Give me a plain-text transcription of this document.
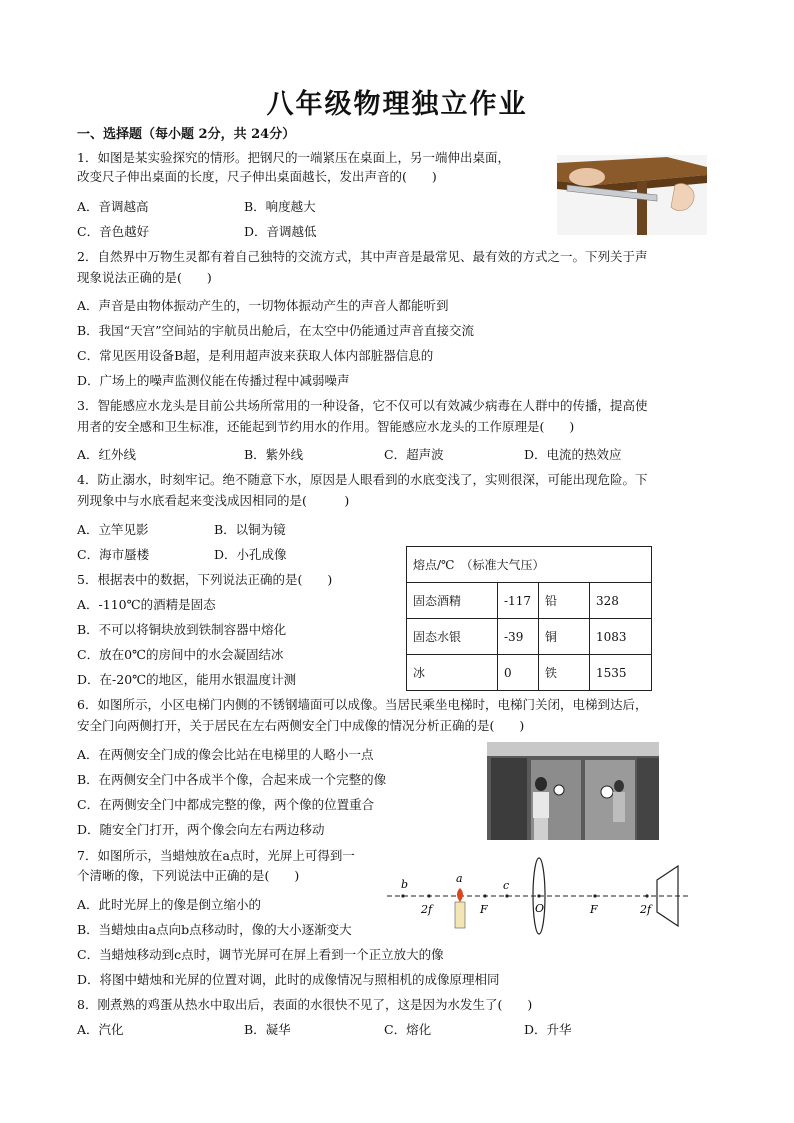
八年级物理独立作业
一、选择题（每小题 2分，共 24分）
1．如图是某实验探究的情形。把钢尺的一端紧压在桌面上，另一端伸出桌面，
改变尺子伸出桌面的长度，尺子伸出桌面越长，发出声音的(　　)
A．音调越高	B．响度越大
C．音色越好	D．音调越低
2．自然界中万物生灵都有着自己独特的交流方式，其中声音是最常见、最有效的方式之一。下列关于声
现象说法正确的是(　　)
A．声音是由物体振动产生的，一切物体振动产生的声音人都能听到
B．我国“天宫”空间站的宇航员出舱后，在太空中仍能通过声音直接交流
C．常见医用设备B超，是利用超声波来获取人体内部脏器信息的
D．广场上的噪声监测仪能在传播过程中减弱噪声
3．智能感应水龙头是目前公共场所常用的一种设备，它不仅可以有效减少病毒在人群中的传播，提高使
用者的安全感和卫生标准，还能起到节约用水的作用。智能感应水龙头的工作原理是(　　)
A．红外线	B．紫外线	C．超声波	D．电流的热效应
4．防止溺水，时刻牢记。绝不随意下水，原因是人眼看到的水底变浅了，实则很深，可能出现危险。下
列现象中与水底看起来变浅成因相同的是(　　　)
A．立竿见影	B．以铜为镜
C．海市蜃楼	D．小孔成像
5．根据表中的数据，下列说法正确的是(　　)
A．-110℃的酒精是固态
B．不可以将铜块放到铁制容器中熔化
C．放在0℃的房间中的水会凝固结冰
D．在-20℃的地区，能用水银温度计测
熔点/℃　（标准大气压）			
固态酒精	-117	铅	328
固态水银	-39	铜	1083
冰	0	铁	1535
6．如图所示，小区电梯门内侧的不锈钢墙面可以成像。当居民乘坐电梯时，电梯门关闭，电梯到达后，
安全门向两侧打开，关于居民在左右两侧安全门中成像的情况分析正确的是(　　)
A．在两侧安全门成的像会比站在电梯里的人略小一点
B．在两侧安全门中各成半个像，合起来成一个完整的像
C．在两侧安全门中都成完整的像，两个像的位置重合
D．随安全门打开，两个像会向左右两边移动
7．如图所示，当蜡烛放在a点时，光屏上可得到一
个清晰的像，下列说法中正确的是(　　)
A．此时光屏上的像是倒立缩小的
B．当蜡烛由a点向b点移动时，像的大小逐渐变大
C．当蜡烛移动到c点时，调节光屏可在屏上看到一个正立放大的像
D．将图中蜡烛和光屏的位置对调，此时的成像情况与照相机的成像原理相同
b	a
c
2f	F	O	F	2f
8．刚煮熟的鸡蛋从热水中取出后，表面的水很快不见了，这是因为水发生了(　　)
A．汽化	B．凝华	C．熔化	D．升华
